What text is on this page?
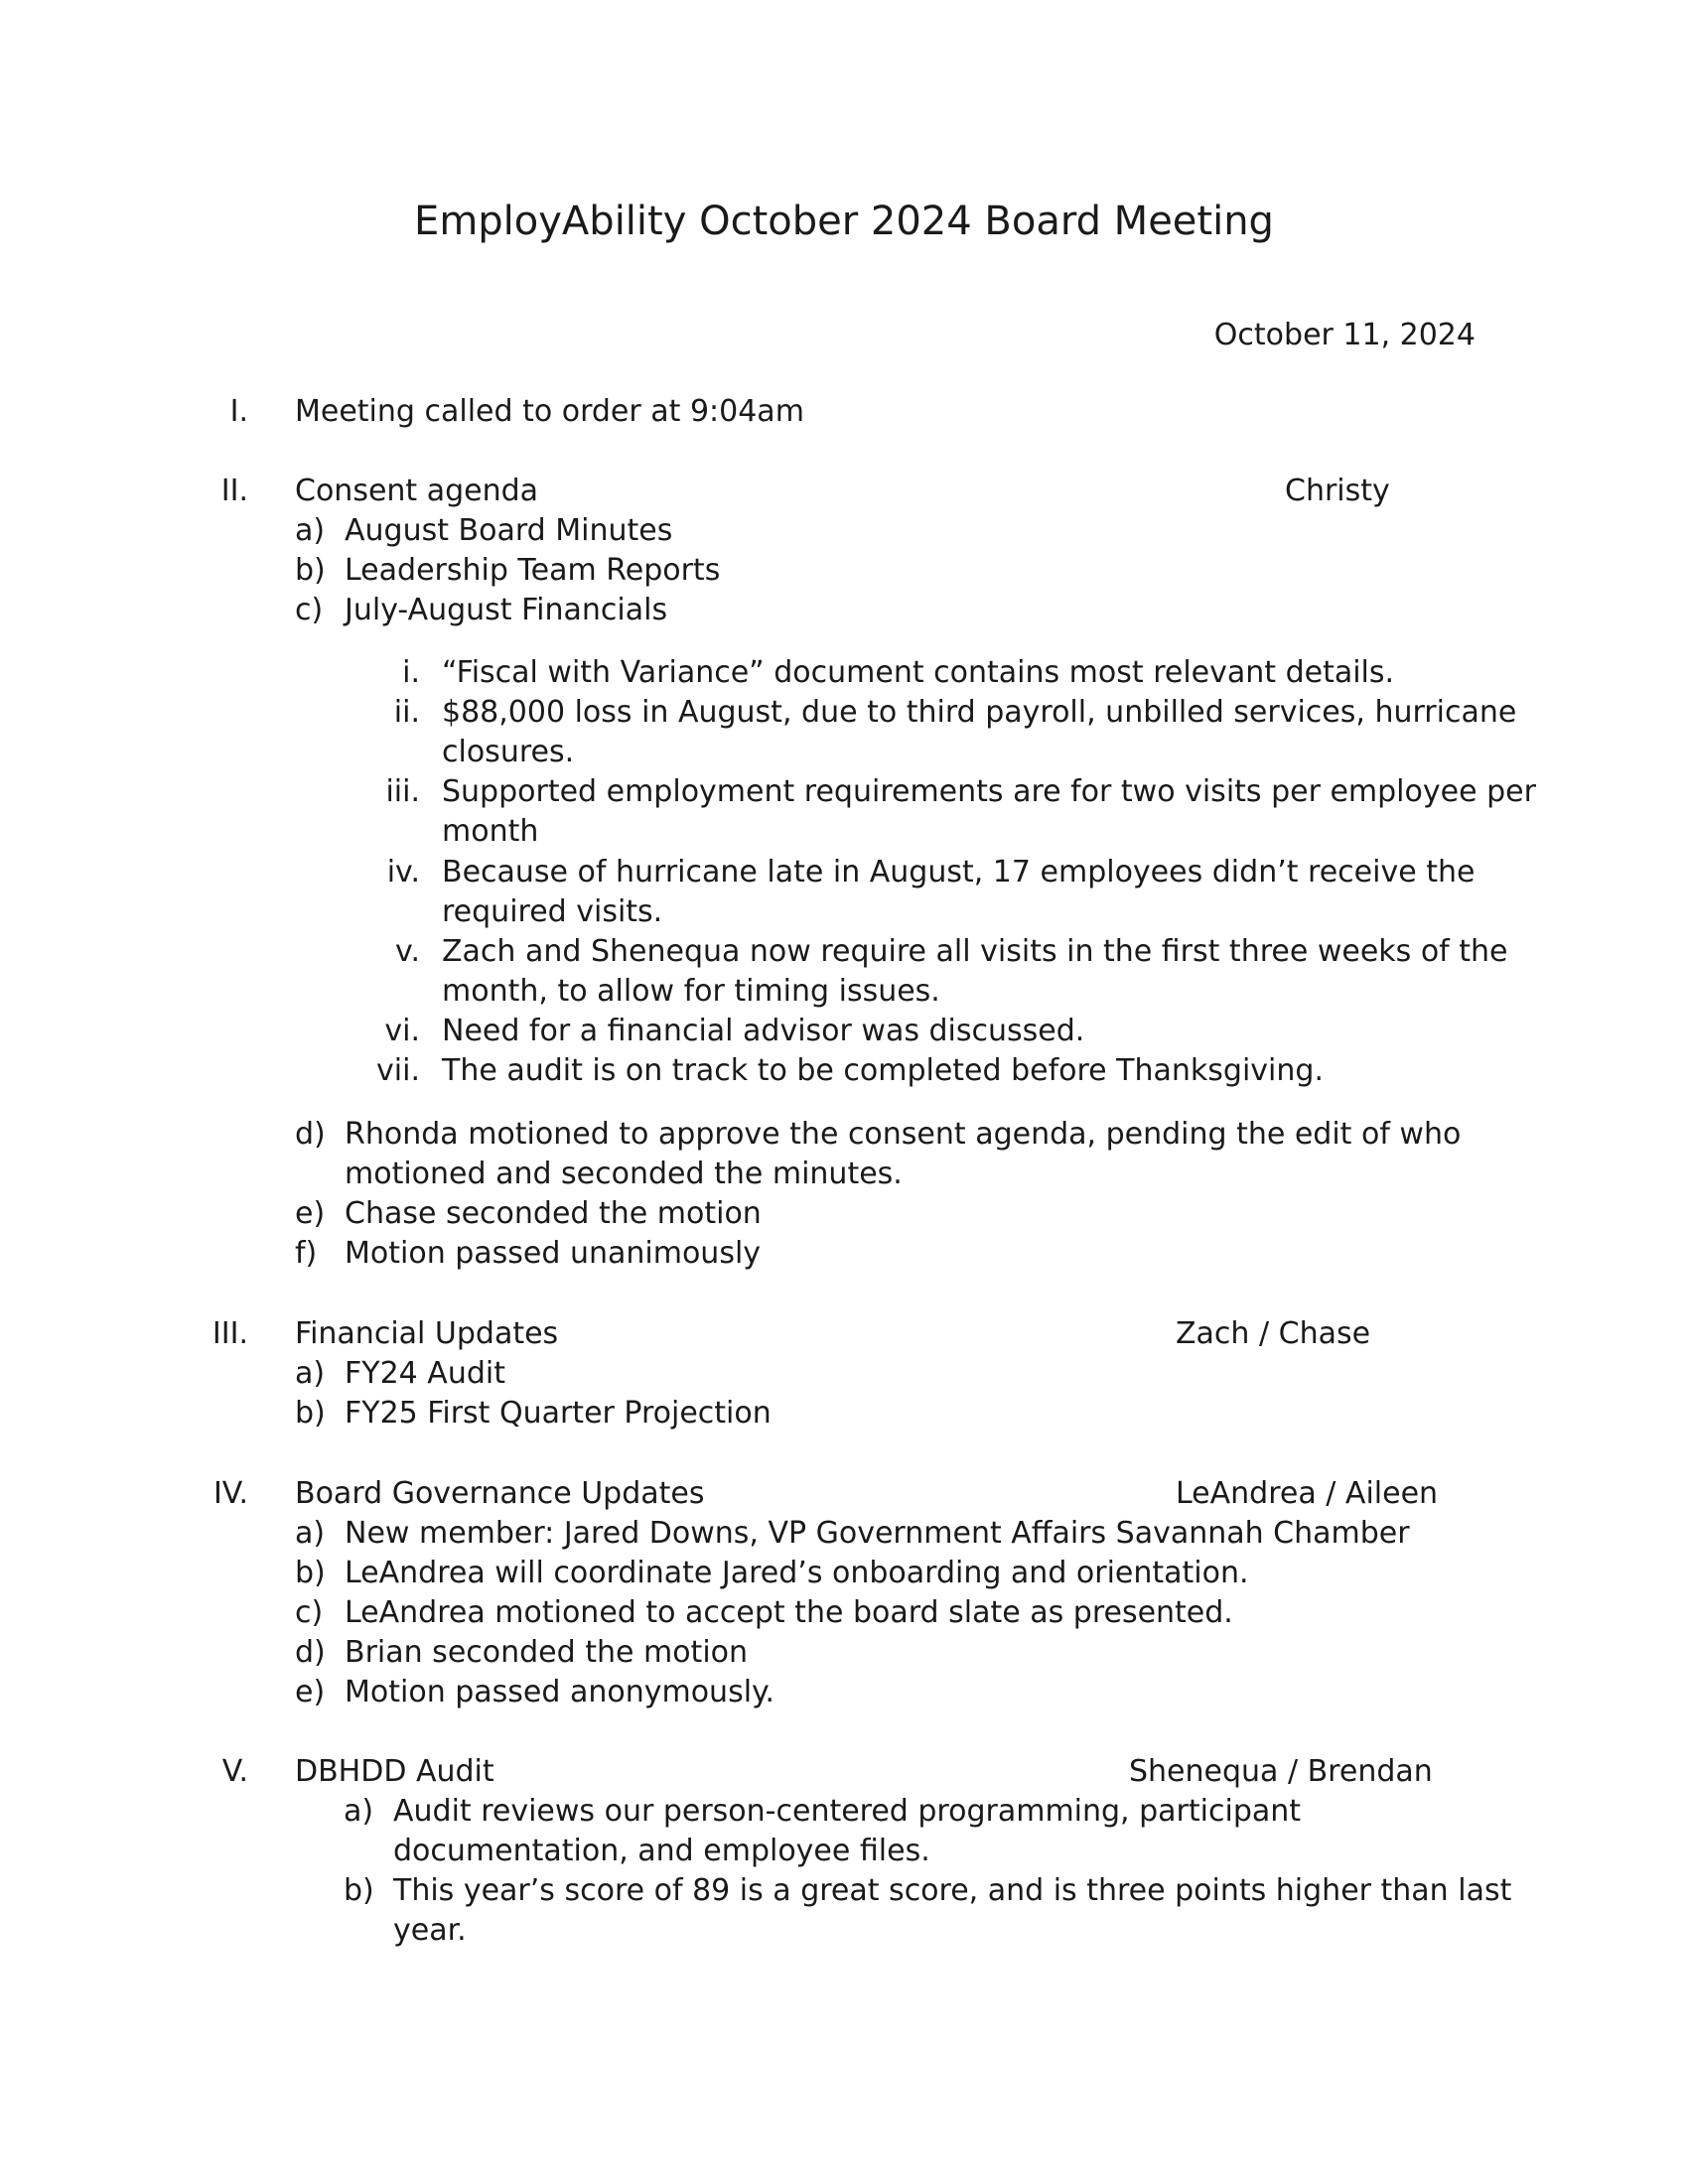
EmployAbility October 2024 Board Meeting
October 11, 2024
I. Meeting called to order at 9:04am
II. Consent agenda	Christy
a) August Board Minutes
b) Leadership Team Reports
c) July-August Financials
i. “Fiscal with Variance” document contains most relevant details.
ii. $88,000 loss in August, due to third payroll, unbilled services, hurricane
closures.
iii. Supported employment requirements are for two visits per employee per
month
iv. Because of hurricane late in August, 17 employees didn’t receive the
required visits.
v. Zach and Shenequa now require all visits in the first three weeks of the
month, to allow for timing issues.
vi. Need for a financial advisor was discussed.
vii. The audit is on track to be completed before Thanksgiving.
d) Rhonda motioned to approve the consent agenda, pending the edit of who
motioned and seconded the minutes.
e) Chase seconded the motion
f) Motion passed unanimously
III. Financial Updates	Zach / Chase
a) FY24 Audit
b) FY25 First Quarter Projection
IV. Board Governance Updates	LeAndrea / Aileen
a) New member: Jared Downs, VP Government Affairs Savannah Chamber
b) LeAndrea will coordinate Jared’s onboarding and orientation.
c) LeAndrea motioned to accept the board slate as presented.
d) Brian seconded the motion
e) Motion passed anonymously.
V. DBHDD Audit	Shenequa / Brendan
a) Audit reviews our person-centered programming, participant
documentation, and employee files.
b) This year’s score of 89 is a great score, and is three points higher than last
year.
